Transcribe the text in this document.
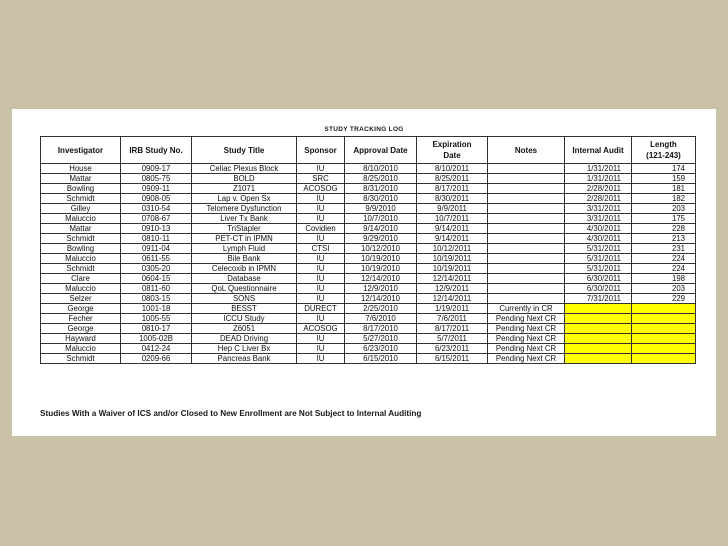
STUDY TRACKING LOG
Investigator	IRB Study No.	Study Title	Sponsor	Approval Date	Expiration
Date	Notes	Internal Audit	Length
(121-243)
House	0909-17	Celiac Plexus Block	IU	8/10/2010	8/10/2011		1/31/2011	174
Mattar	0805-75	BOLD	SRC	8/25/2010	8/25/2011		1/31/2011	159
Bowling	0909-11	Z1071	ACOSOG	8/31/2010	8/17/2011		2/28/2011	181
Schmidt	0908-05	Lap v. Open Sx	IU	8/30/2010	8/30/2011		2/28/2011	182
Gilley	0310-54	Telomere Dysfunction	IU	9/9/2010	9/9/2011		3/31/2011	203
Maluccio	0708-67	Liver Tx Bank	IU	10/7/2010	10/7/2011		3/31/2011	175
Mattar	0910-13	TriStapler	Covidien	9/14/2010	9/14/2011		4/30/2011	228
Schmidt	0810-11	PET-CT in IPMN	IU	9/29/2010	9/14/2011		4/30/2011	213
Bowling	0911-04	Lymph Fluid	CTSI	10/12/2010	10/12/2011		5/31/2011	231
Maluccio	0611-55	Bile Bank	IU	10/19/2010	10/19/2011		5/31/2011	224
Schmidt	0305-20	Celecoxib in IPMN	IU	10/19/2010	10/19/2011		5/31/2011	224
Clare	0604-15	Database	IU	12/14/2010	12/14/2011		6/30/2011	198
Maluccio	0811-60	QoL Questionnaire	IU	12/9/2010	12/9/2011		6/30/2011	203
Selzer	0803-15	SONS	IU	12/14/2010	12/14/2011		7/31/2011	229
George	1001-18	BESST	DURECT	2/25/2010	1/19/2011	Currently in CR		
Fecher	1005-55	ICCU Study	IU	7/6/2010	7/6/2011	Pending Next CR		
George	0810-17	Z6051	ACOSOG	8/17/2010	8/17/2011	Pending Next CR		
Hayward	1005-02B	DEAD Driving	IU	5/27/2010	5/7/2011	Pending Next CR		
Maluccio	0412-24	Hep C Liver Bx	IU	6/23/2010	6/23/2011	Pending Next CR		
Schmidt	0209-66	Pancreas Bank	IU	6/15/2010	6/15/2011	Pending Next CR		
Studies With a Waiver of ICS and/or Closed to New Enrollment are Not Subject to Internal Auditing
